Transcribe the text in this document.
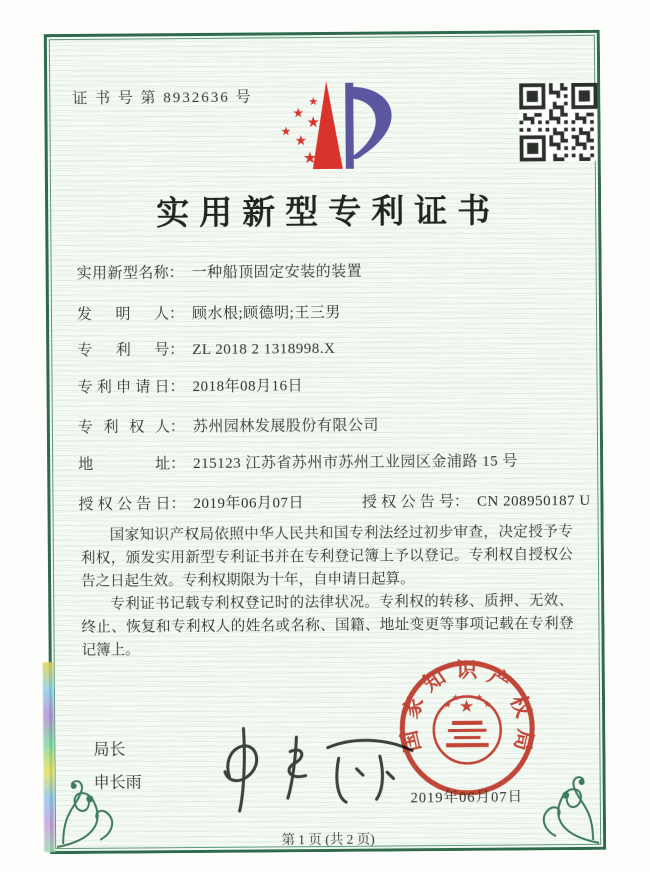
证 书 号 第 8932636 号	★
★ ★
★
★
★
实用新型专利证书
实用新型名称 ： 一种船顶固定安装的装置
发明人 ： 顾水根;顾德明;王三男
专利号 ： ZL 2018 2 1318998.X
专利申请日 ： 2018年08月16日
专利权人 ： 苏州园林发展股份有限公司
地址 ： 215123 江苏省苏州市苏州工业园区金浦路 15 号
授权公告日 ： 2019年06月07日	授权公告号 ： CN 208950187 U

国家知识产权局依照中华人民共和国专利法经过初步审查，决定授予专利权，颁发实用新型专利证书并在专利登记簿上予以登记。专利权自授权公告之日起生效。专利权期限为十年，自申请日起算。

专利证书记载专利权登记时的法律状况。专利权的转移、质押、无效、终止、恢复和专利权人的姓名或名称、国籍、地址变更等事项记载在专利登记簿上。

局长
申长雨
国家知识产权局
★
★
★ ★
★
2019年06月07日
第 1 页 (共 2 页)
